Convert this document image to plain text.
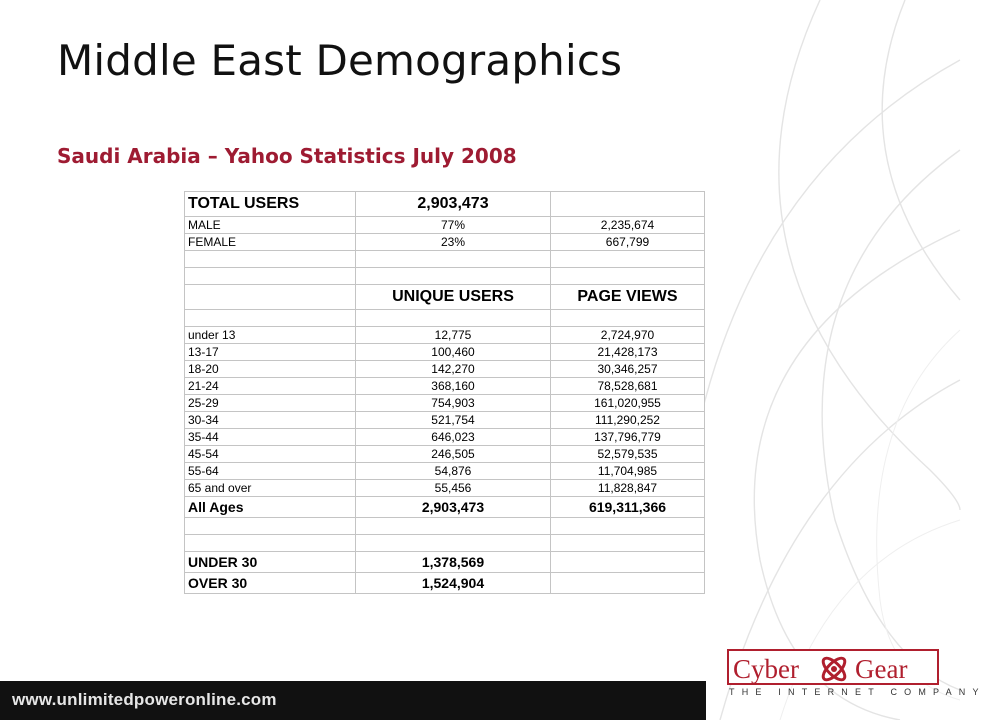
Middle East Demographics
Saudi Arabia – Yahoo Statistics July 2008
TOTAL USERS	2,903,473	
MALE	77%	2,235,674
FEMALE	23%	667,799

	UNIQUE USERS	PAGE VIEWS

under 13	12,775	2,724,970
13-17	100,460	21,428,173
18-20	142,270	30,346,257
21-24	368,160	78,528,681
25-29	754,903	161,020,955
30-34	521,754	111,290,252
35-44	646,023	137,796,779
45-54	246,505	52,579,535
55-64	54,876	11,704,985
65 and over	55,456	11,828,847
All Ages	2,903,473	619,311,366

UNDER 30	1,378,569	
OVER 30	1,524,904	
www.unlimitedpoweronline.com
Cyber Gear
THE INTERNET COMPANY
